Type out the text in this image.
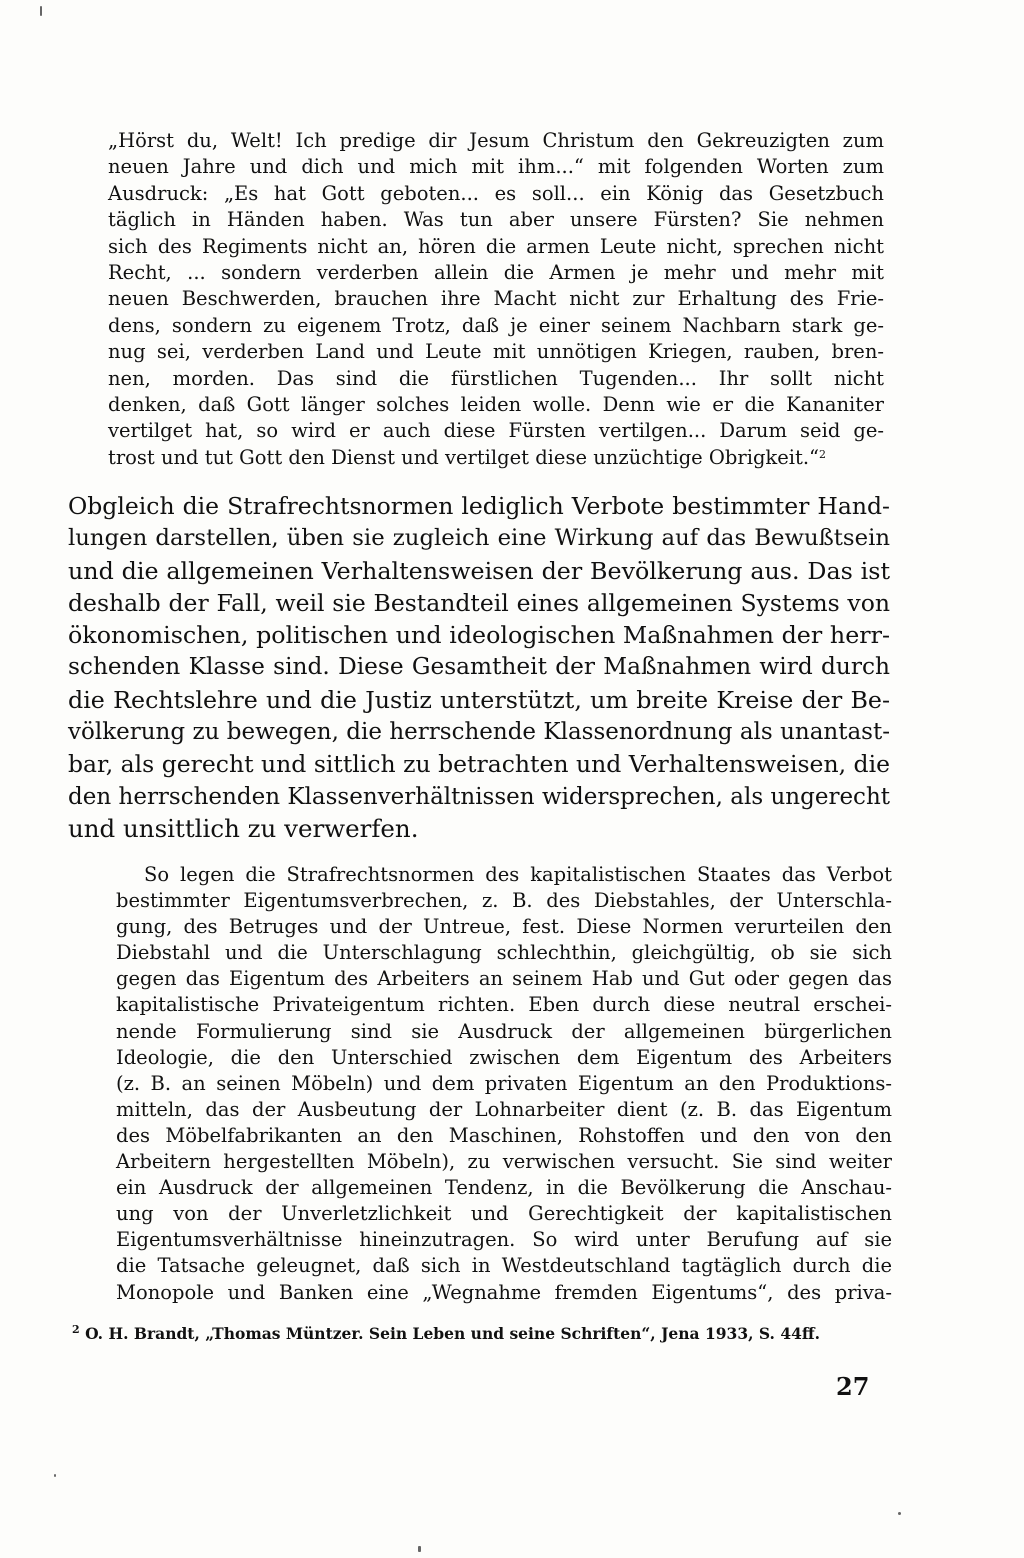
„Hörst du, Welt! Ich predige dir Jesum Christum den Gekreuzigten zum
neuen Jahre und dich und mich mit ihm...“ mit folgenden Worten zum
Ausdruck: „Es hat Gott geboten... es soll... ein König das Gesetzbuch
täglich in Händen haben. Was tun aber unsere Fürsten? Sie nehmen
sich des Regiments nicht an, hören die armen Leute nicht, sprechen nicht
Recht, ... sondern verderben allein die Armen je mehr und mehr mit
neuen Beschwerden, brauchen ihre Macht nicht zur Erhaltung des Frie-
dens, sondern zu eigenem Trotz, daß je einer seinem Nachbarn stark ge-
nug sei, verderben Land und Leute mit unnötigen Kriegen, rauben, bren-
nen, morden. Das sind die fürstlichen Tugenden... Ihr sollt nicht
denken, daß Gott länger solches leiden wolle. Denn wie er die Kananiter
vertilget hat, so wird er auch diese Fürsten vertilgen... Darum seid ge-
trost und tut Gott den Dienst und vertilget diese unzüchtige Obrigkeit.“$^2$
Obgleich die Strafrechtsnormen lediglich Verbote bestimmter Hand-
lungen darstellen, üben sie zugleich eine Wirkung auf das Bewußtsein
und die allgemeinen Verhaltensweisen der Bevölkerung aus. Das ist
deshalb der Fall, weil sie Bestandteil eines allgemeinen Systems von
ökonomischen, politischen und ideologischen Maßnahmen der herr-
schenden Klasse sind. Diese Gesamtheit der Maßnahmen wird durch
die Rechtslehre und die Justiz unterstützt, um breite Kreise der Be-
völkerung zu bewegen, die herrschende Klassenordnung als unantast-
bar, als gerecht und sittlich zu betrachten und Verhaltensweisen, die
den herrschenden Klassenverhältnissen widersprechen, als ungerecht
und unsittlich zu verwerfen.
So legen die Strafrechtsnormen des kapitalistischen Staates das Verbot
bestimmter Eigentumsverbrechen, z. B. des Diebstahles, der Unterschla-
gung, des Betruges und der Untreue, fest. Diese Normen verurteilen den
Diebstahl und die Unterschlagung schlechthin, gleichgültig, ob sie sich
gegen das Eigentum des Arbeiters an seinem Hab und Gut oder gegen das
kapitalistische Privateigentum richten. Eben durch diese neutral erschei-
nende Formulierung sind sie Ausdruck der allgemeinen bürgerlichen
Ideologie, die den Unterschied zwischen dem Eigentum des Arbeiters
(z. B. an seinen Möbeln) und dem privaten Eigentum an den Produktions-
mitteln, das der Ausbeutung der Lohnarbeiter dient (z. B. das Eigentum
des Möbelfabrikanten an den Maschinen, Rohstoffen und den von den
Arbeitern hergestellten Möbeln), zu verwischen versucht. Sie sind weiter
ein Ausdruck der allgemeinen Tendenz, in die Bevölkerung die Anschau-
ung von der Unverletzlichkeit und Gerechtigkeit der kapitalistischen
Eigentumsverhältnisse hineinzutragen. So wird unter Berufung auf sie
die Tatsache geleugnet, daß sich in Westdeutschland tagtäglich durch die
Monopole und Banken eine „Wegnahme fremden Eigentums“, des priva-
$^2$ O. H. Brandt, „Thomas Müntzer. Sein Leben und seine Schriften“, Jena 1933, S. 44ff.
27
